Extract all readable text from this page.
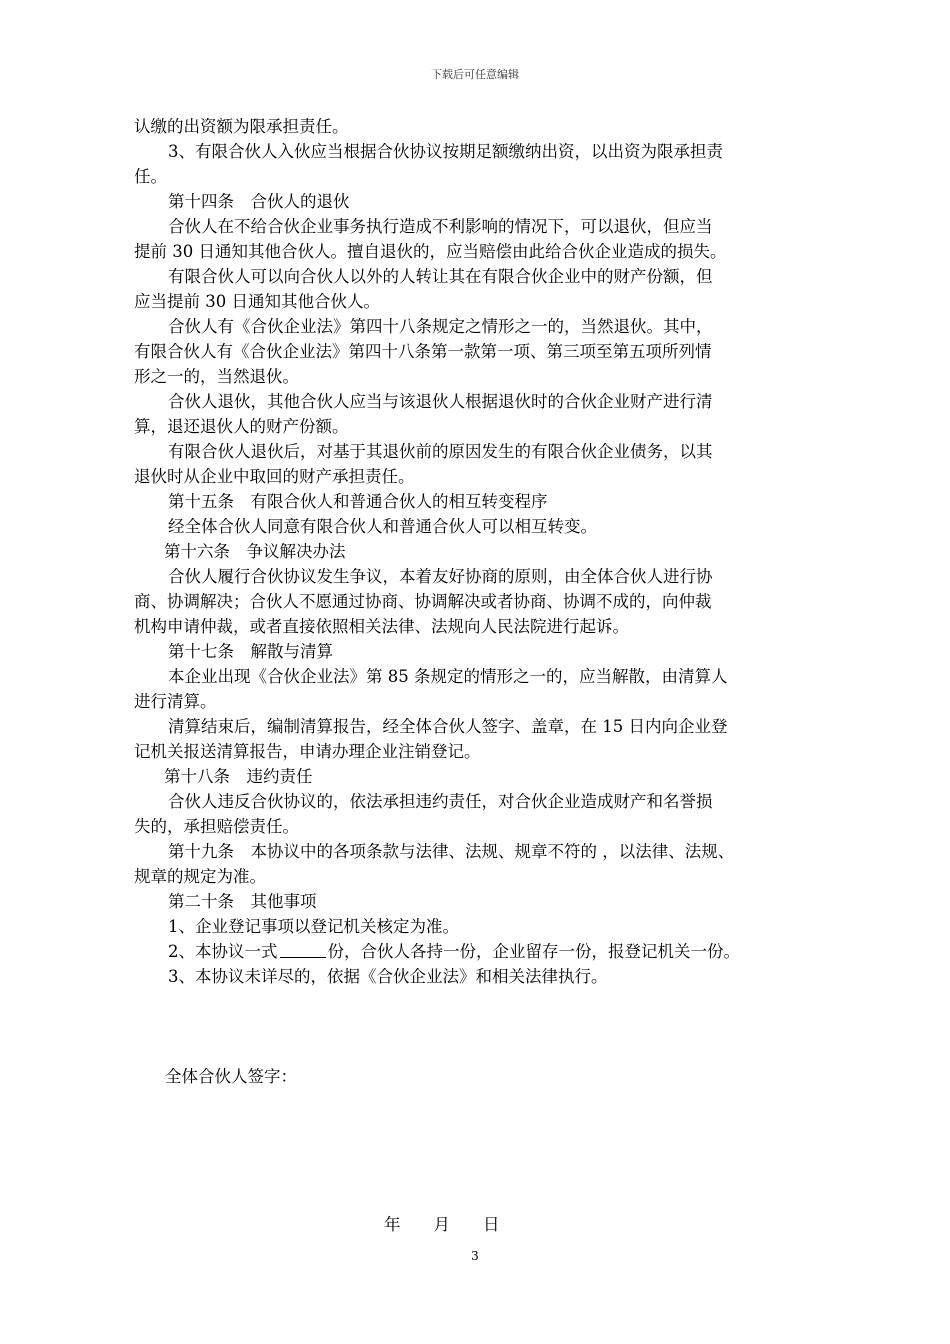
下载后可任意编辑
认缴的出资额为限承担责任。
3、有限合伙人入伙应当根据合伙协议按期足额缴纳出资，以出资为限承担责
任。
第十四条　合伙人的退伙
合伙人在不给合伙企业事务执行造成不利影响的情况下，可以退伙，但应当
提前 30 日通知其他合伙人。擅自退伙的，应当赔偿由此给合伙企业造成的损失。
有限合伙人可以向合伙人以外的人转让其在有限合伙企业中的财产份额，但
应当提前 30 日通知其他合伙人。
合伙人有《合伙企业法》第四十八条规定之情形之一的，当然退伙。其中，
有限合伙人有《合伙企业法》第四十八条第一款第一项、第三项至第五项所列情
形之一的，当然退伙。
合伙人退伙，其他合伙人应当与该退伙人根据退伙时的合伙企业财产进行清
算，退还退伙人的财产份额。
有限合伙人退伙后，对基于其退伙前的原因发生的有限合伙企业债务，以其
退伙时从企业中取回的财产承担责任。
第十五条　有限合伙人和普通合伙人的相互转变程序
经全体合伙人同意有限合伙人和普通合伙人可以相互转变。
第十六条　争议解决办法
合伙人履行合伙协议发生争议，本着友好协商的原则，由全体合伙人进行协
商、协调解决；合伙人不愿通过协商、协调解决或者协商、协调不成的，向仲裁
机构申请仲裁，或者直接依照相关法律、法规向人民法院进行起诉。
第十七条　解散与清算
本企业出现《合伙企业法》第 85 条规定的情形之一的，应当解散，由清算人
进行清算。
清算结束后，编制清算报告，经全体合伙人签字、盖章，在 15 日内向企业登
记机关报送清算报告，申请办理企业注销登记。
第十八条　违约责任
合伙人违反合伙协议的，依法承担违约责任，对合伙企业造成财产和名誉损
失的，承担赔偿责任。
第十九条　本协议中的各项条款与法律、法规、规章不符的 ，以法律、法规、
规章的规定为准。
第二十条　其他事项
1、企业登记事项以登记机关核定为准。
2、本协议一式	份，合伙人各持一份，企业留存一份，报登记机关一份。
3、本协议未详尽的，依据《合伙企业法》和相关法律执行。
全体合伙人签字：
年　　月　　日
3
